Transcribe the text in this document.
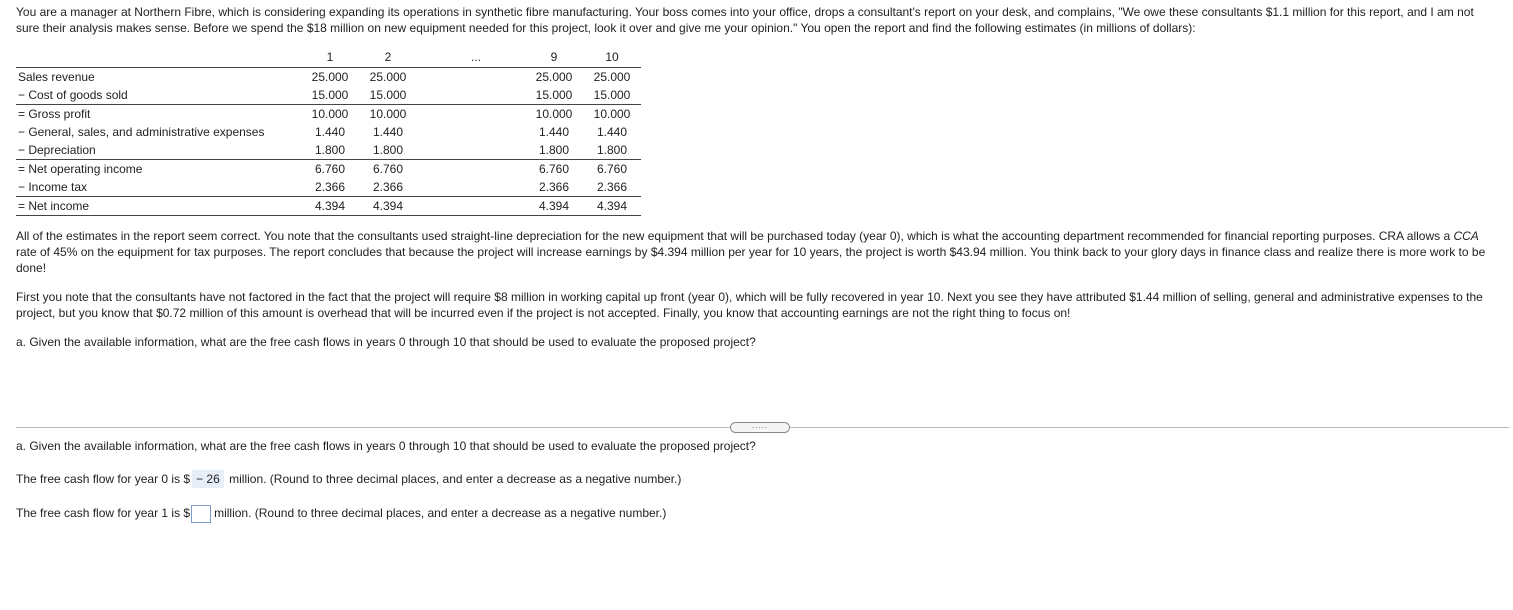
You are a manager at Northern Fibre, which is considering expanding its operations in synthetic fibre manufacturing. Your boss comes into your office, drops a consultant's report on your desk, and complains, "We owe these consultants $1.1 million for this report, and I am not sure their analysis makes sense. Before we spend the $18 million on new equipment needed for this project, look it over and give me your opinion." You open the report and find the following estimates (in millions of dollars):

	1	2	...	9	10
Sales revenue	25.000	25.000		25.000	25.000
− Cost of goods sold	15.000	15.000		15.000	15.000
= Gross profit	10.000	10.000		10.000	10.000
− General, sales, and administrative expenses	1.440	1.440		1.440	1.440
− Depreciation	1.800	1.800		1.800	1.800
= Net operating income	6.760	6.760		6.760	6.760
− Income tax	2.366	2.366		2.366	2.366
= Net income	4.394	4.394		4.394	4.394

All of the estimates in the report seem correct. You note that the consultants used straight-line depreciation for the new equipment that will be purchased today (year 0), which is what the accounting department recommended for financial reporting purposes. CRA allows a CCA rate of 45% on the equipment for tax purposes. The report concludes that because the project will increase earnings by $4.394 million per year for 10 years, the project is worth $43.94 million. You think back to your glory days in finance class and realize there is more work to be done!

First you note that the consultants have not factored in the fact that the project will require $8 million in working capital up front (year 0), which will be fully recovered in year 10. Next you see they have attributed $1.44 million of selling, general and administrative expenses to the project, but you know that $0.72 million of this amount is overhead that will be incurred even if the project is not accepted. Finally, you know that accounting earnings are not the right thing to focus on!

a. Given the available information, what are the free cash flows in years 0 through 10 that should be used to evaluate the proposed project?

.....
a. Given the available information, what are the free cash flows in years 0 through 10 that should be used to evaluate the proposed project?
The free cash flow for year 0 is $ − 26 million. (Round to three decimal places, and enter a decrease as a negative number.)
The free cash flow for year 1 is $ million. (Round to three decimal places, and enter a decrease as a negative number.)
